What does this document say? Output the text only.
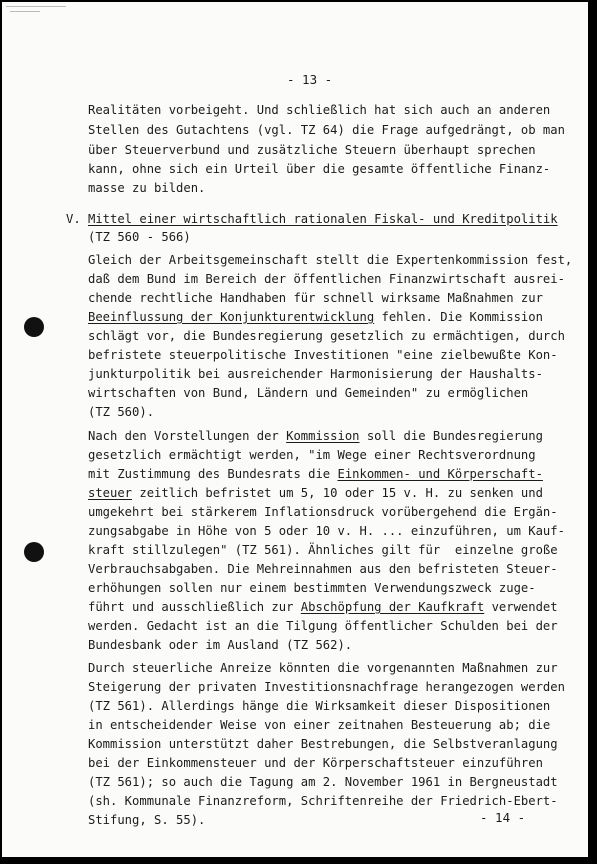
- 13 -
Realitäten vorbeigeht. Und schließlich hat sich auch an anderen
Stellen des Gutachtens (vgl. TZ 64) die Frage aufgedrängt, ob man
über Steuerverbund und zusätzliche Steuern überhaupt sprechen
kann, ohne sich ein Urteil über die gesamte öffentliche Finanz-
masse zu bilden.
V. Mittel einer wirtschaftlich rationalen Fiskal- und Kreditpolitik
(TZ 560 - 566)
Gleich der Arbeitsgemeinschaft stellt die Expertenkommission fest,
daß dem Bund im Bereich der öffentlichen Finanzwirtschaft ausrei-
chende rechtliche Handhaben für schnell wirksame Maßnahmen zur
Beeinflussung der Konjunkturentwicklung fehlen. Die Kommission
schlägt vor, die Bundesregierung gesetzlich zu ermächtigen, durch
befristete steuerpolitische Investitionen "eine zielbewußte Kon-
junkturpolitik bei ausreichender Harmonisierung der Haushalts-
wirtschaften von Bund, Ländern und Gemeinden" zu ermöglichen
(TZ 560).
Nach den Vorstellungen der Kommission soll die Bundesregierung
gesetzlich ermächtigt werden, "im Wege einer Rechtsverordnung
mit Zustimmung des Bundesrats die Einkommen- und Körperschaft-
steuer zeitlich befristet um 5, 10 oder 15 v. H. zu senken und
umgekehrt bei stärkerem Inflationsdruck vorübergehend die Ergän-
zungsabgabe in Höhe von 5 oder 10 v. H. ... einzuführen, um Kauf-
kraft stillzulegen" (TZ 561). Ähnliches gilt für  einzelne große
Verbrauchsabgaben. Die Mehreinnahmen aus den befristeten Steuer-
erhöhungen sollen nur einem bestimmten Verwendungszweck zuge-
führt und ausschließlich zur Abschöpfung der Kaufkraft verwendet
werden. Gedacht ist an die Tilgung öffentlicher Schulden bei der
Bundesbank oder im Ausland (TZ 562).
Durch steuerliche Anreize könnten die vorgenannten Maßnahmen zur
Steigerung der privaten Investitionsnachfrage herangezogen werden
(TZ 561). Allerdings hänge die Wirksamkeit dieser Dispositionen
in entscheidender Weise von einer zeitnahen Besteuerung ab; die
Kommission unterstützt daher Bestrebungen, die Selbstveranlagung
bei der Einkommensteuer und der Körperschaftsteuer einzuführen
(TZ 561); so auch die Tagung am 2. November 1961 in Bergneustadt
(sh. Kommunale Finanzreform, Schriftenreihe der Friedrich-Ebert-
Stifung, S. 55).	- 14 -
